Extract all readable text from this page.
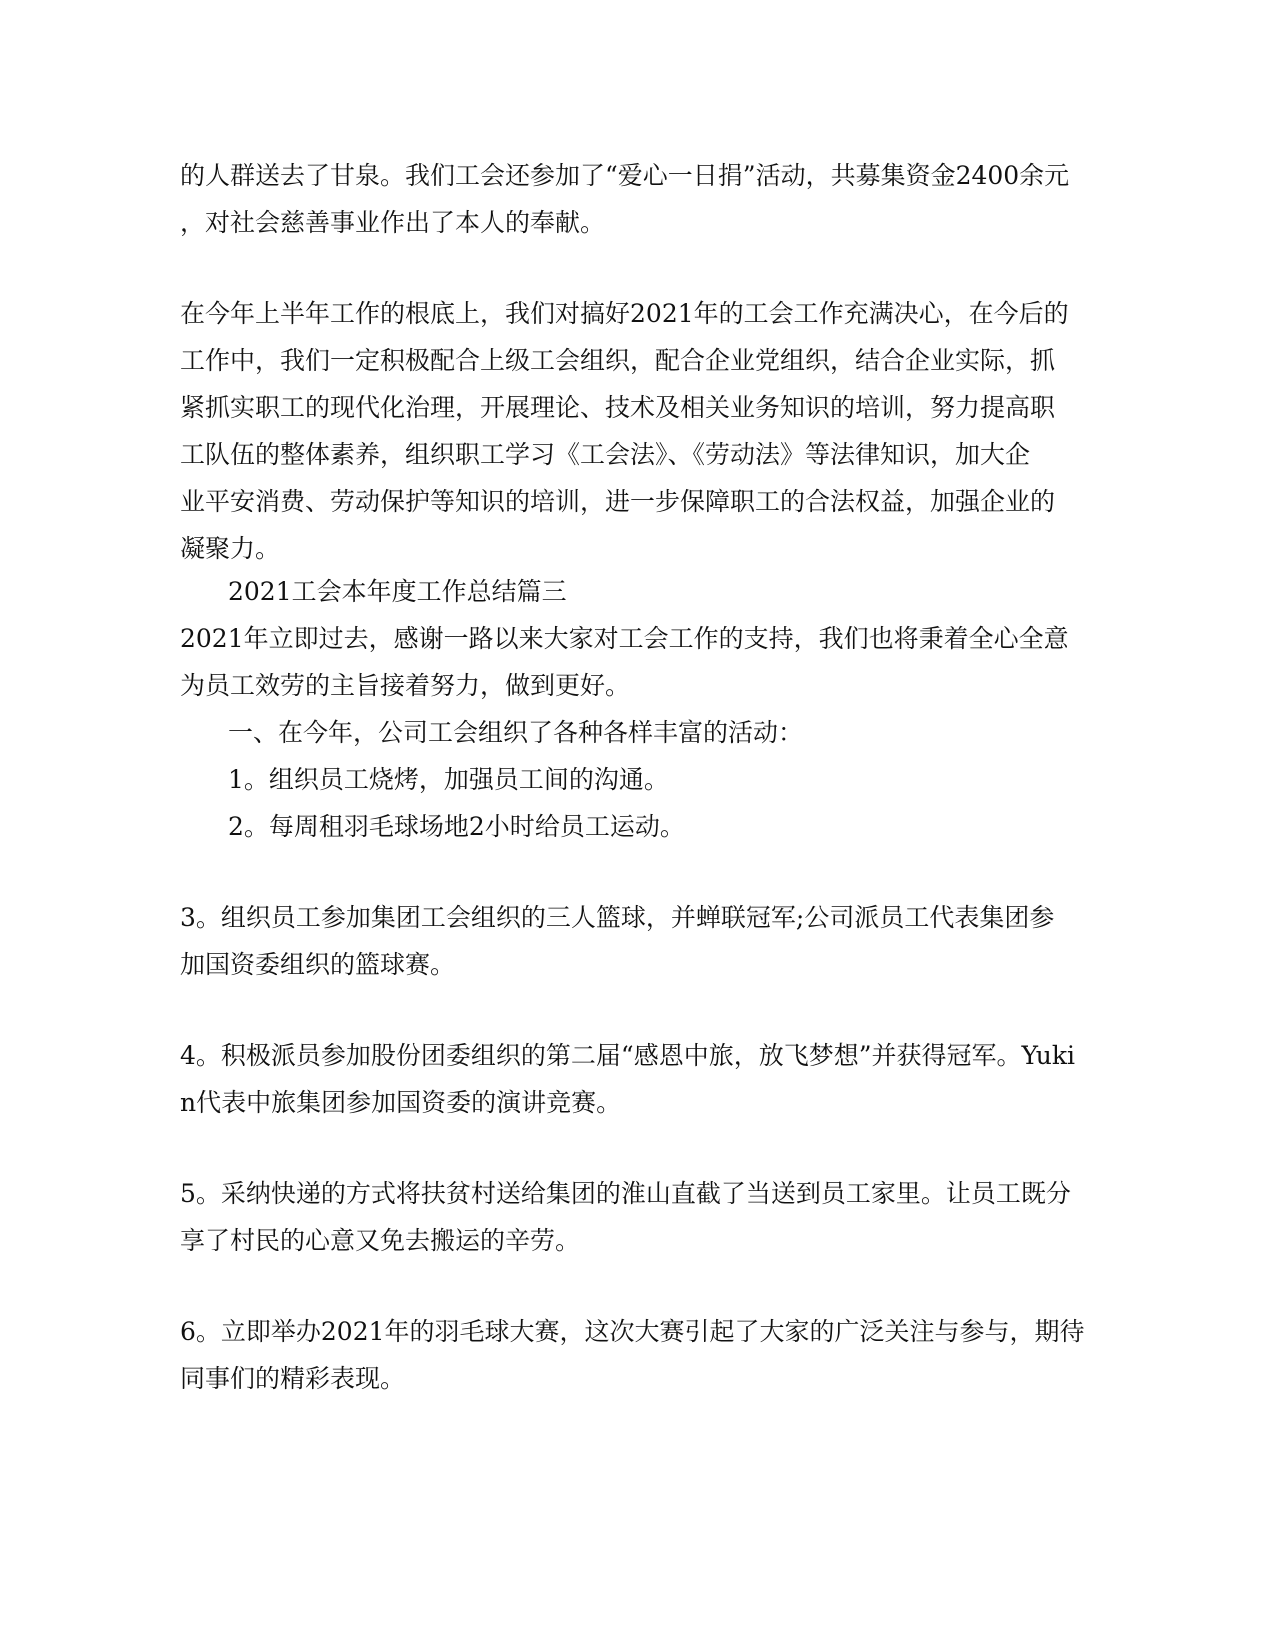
的人群送去了甘泉。我们工会还参加了“爱心一日捐”活动，共募集资金2400余元
，对社会慈善事业作出了本人的奉献。
在今年上半年工作的根底上，我们对搞好2021年的工会工作充满决心，在今后的
工作中，我们一定积极配合上级工会组织，配合企业党组织，结合企业实际，抓
紧抓实职工的现代化治理，开展理论、技术及相关业务知识的培训，努力提高职
工队伍的整体素养，组织职工学习《工会法》、《劳动法》等法律知识，加大企
业平安消费、劳动保护等知识的培训，进一步保障职工的合法权益，加强企业的
凝聚力。
2021工会本年度工作总结篇三
2021年立即过去，感谢一路以来大家对工会工作的支持，我们也将秉着全心全意
为员工效劳的主旨接着努力，做到更好。
一、在今年，公司工会组织了各种各样丰富的活动：
1。组织员工烧烤，加强员工间的沟通。
2。每周租羽毛球场地2小时给员工运动。
3。组织员工参加集团工会组织的三人篮球，并蝉联冠军;公司派员工代表集团参
加国资委组织的篮球赛。
4。积极派员参加股份团委组织的第二届“感恩中旅，放飞梦想”并获得冠军。Yuki
n代表中旅集团参加国资委的演讲竞赛。
5。采纳快递的方式将扶贫村送给集团的淮山直截了当送到员工家里。让员工既分
享了村民的心意又免去搬运的辛劳。
6。立即举办2021年的羽毛球大赛，这次大赛引起了大家的广泛关注与参与，期待
同事们的精彩表现。
